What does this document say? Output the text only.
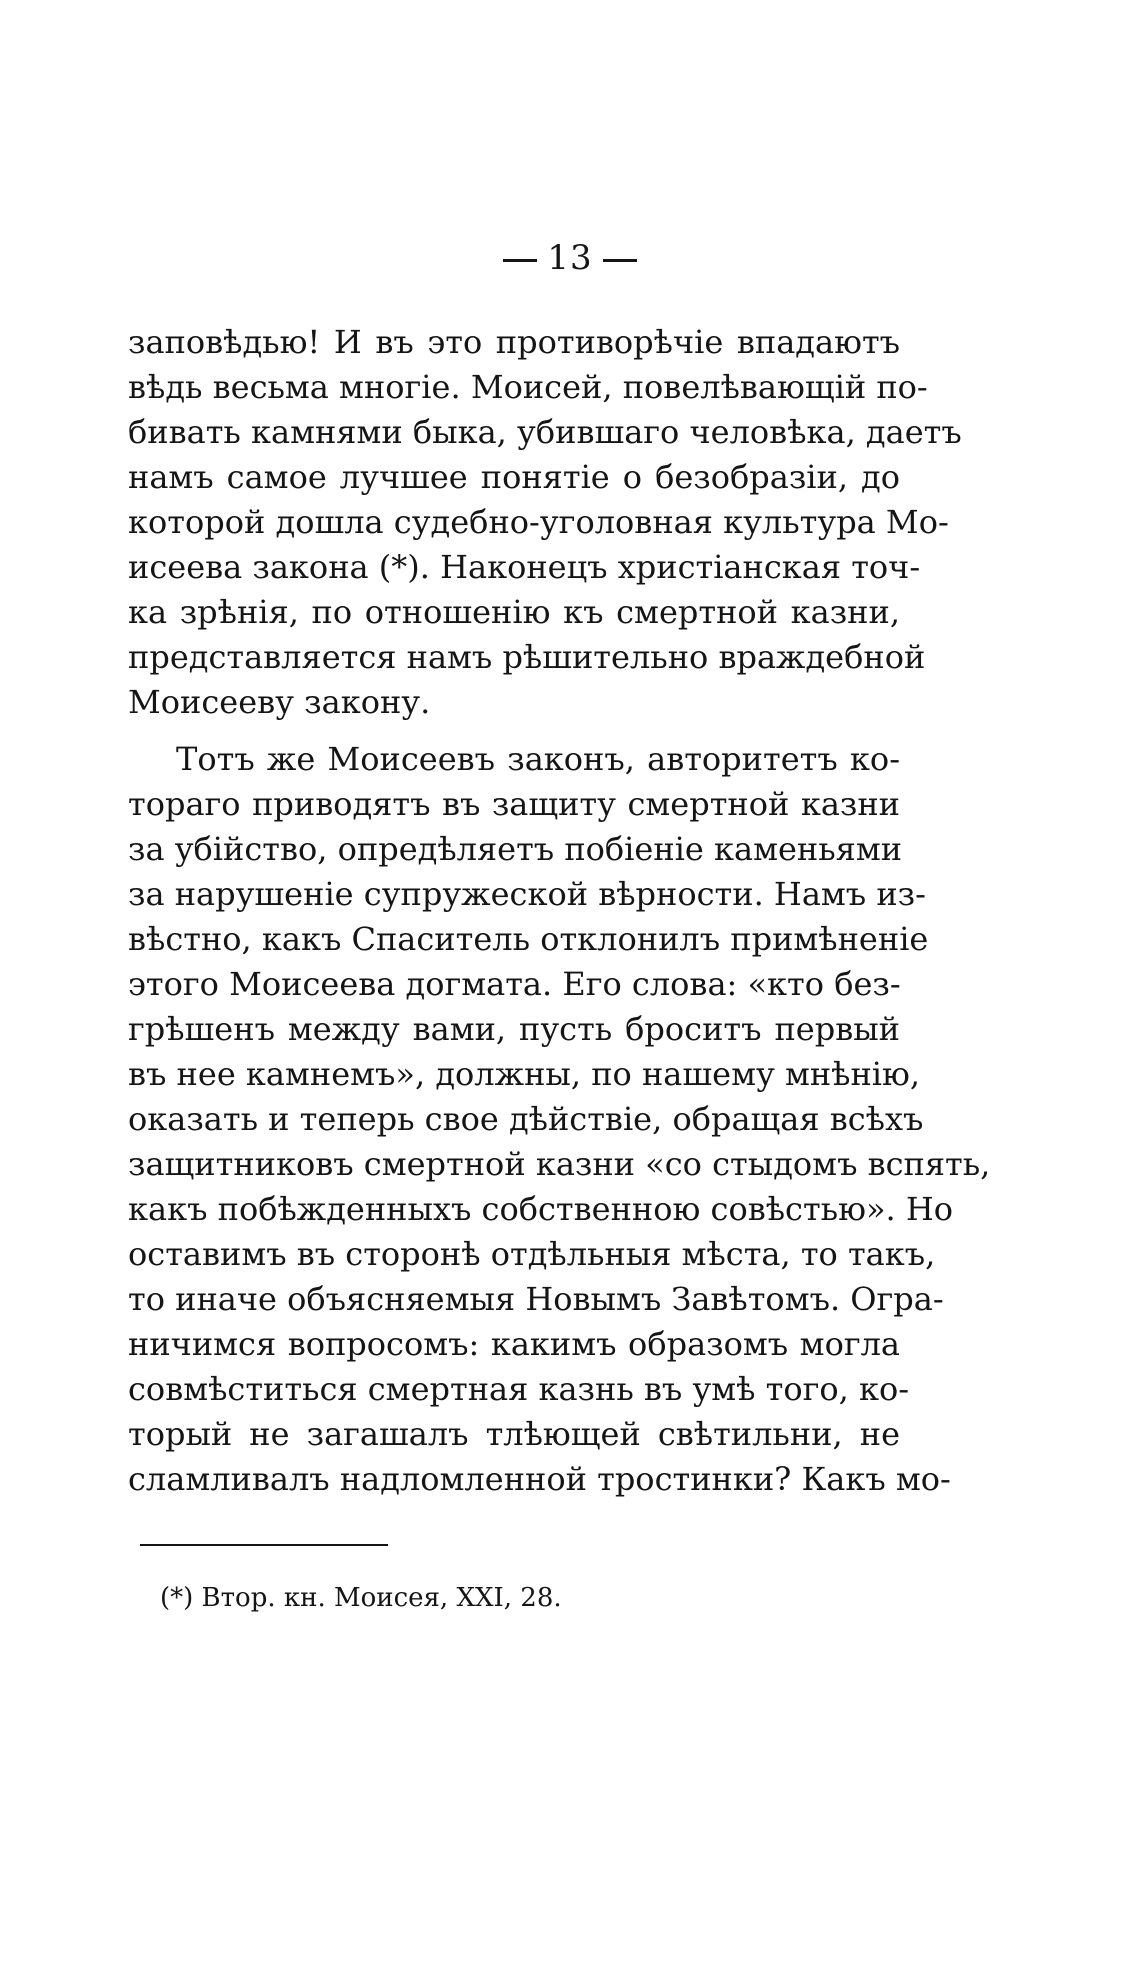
13
заповѣдью! И въ это противорѣчіе впадаютъ
вѣдь весьма многіе. Моисей, повелѣвающій по-
бивать камнями быка, убившаго человѣка, даетъ
намъ самое лучшее понятіе о безобразіи, до
которой дошла судебно-уголовная культура Мо-
исеева закона (*). Наконецъ христіанская точ-
ка зрѣнія, по отношенію къ смертной казни,
представляется намъ рѣшительно враждебной
Моисееву закону.
Тотъ же Моисеевъ законъ, авторитетъ ко-
тораго приводятъ въ защиту смертной казни
за убійство, опредѣляетъ побіеніе каменьями
за нарушеніе супружеской вѣрности. Намъ из-
вѣстно, какъ Спаситель отклонилъ примѣненіе
этого Моисеева догмата. Его слова: «кто без-
грѣшенъ между вами, пусть броситъ первый
въ нее камнемъ», должны, по нашему мнѣнію,
оказать и теперь свое дѣйствіе, обращая всѣхъ
защитниковъ смертной казни «со стыдомъ вспять,
какъ побѣжденныхъ собственною совѣстью». Но
оставимъ въ сторонѣ отдѣльныя мѣста, то такъ,
то иначе объясняемыя Новымъ Завѣтомъ. Огра-
ничимся вопросомъ: какимъ образомъ могла
совмѣститься смертная казнь въ умѣ того, ко-
торый не загашалъ тлѣющей свѣтильни, не
сламливалъ надломленной тростинки? Какъ мо-
(*) Втор. кн. Моисея, XXI, 28.
